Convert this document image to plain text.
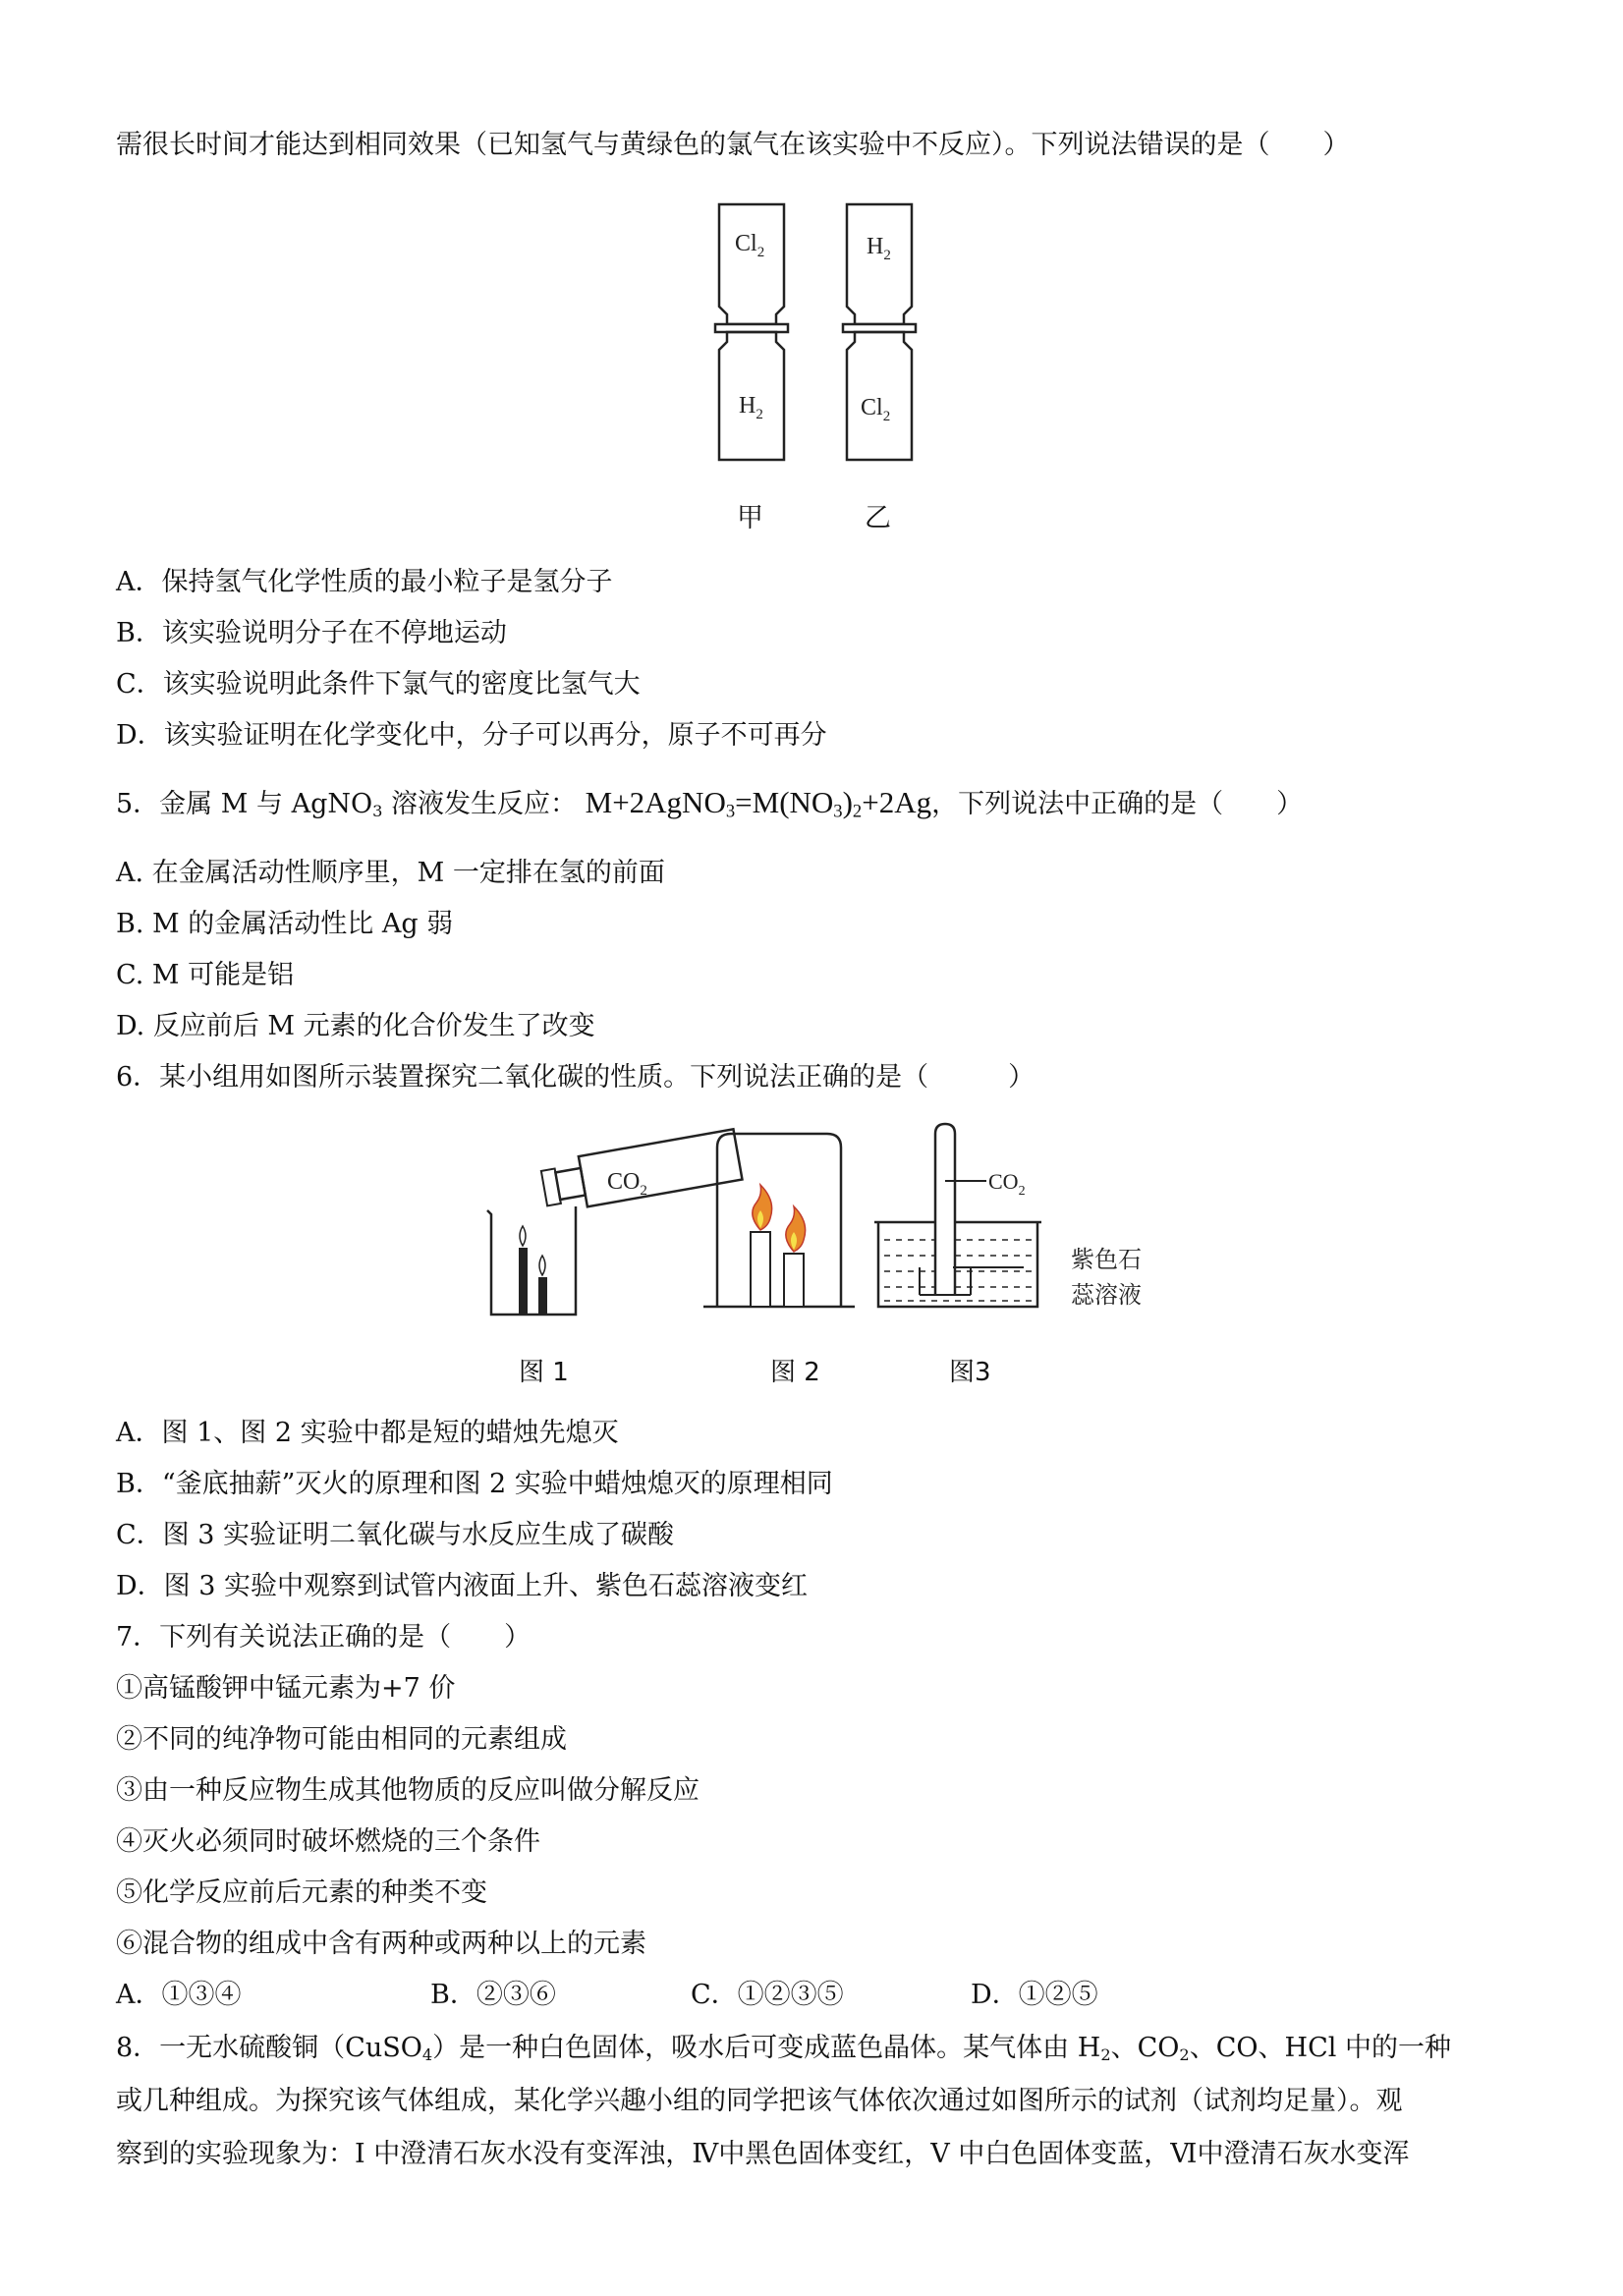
需很长时间才能达到相同效果（已知氢气与黄绿色的氯气在该实验中不反应）。下列说法错误的是（　　）
$Cl_2$
$H_2$
$H_2$
$Cl_2$
甲	乙
A．保持氢气化学性质的最小粒子是氢分子
B．该实验说明分子在不停地运动
C．该实验说明此条件下氯气的密度比氢气大
D．该实验证明在化学变化中，分子可以再分，原子不可再分
5．金属 M 与 AgNO$_3$ 溶液发生反应： $M+2AgNO_3=M(NO_3)_2+2Ag$，下列说法中正确的是（　　）
A. 在金属活动性顺序里，M 一定排在氢的前面
B. M 的金属活动性比 Ag 弱
C. M 可能是铝
D. 反应前后 M 元素的化合价发生了改变
6．某小组用如图所示装置探究二氧化碳的性质。下列说法正确的是（　　　）
$CO_2$	$CO_2$
紫色石
蕊溶液
图 1	图 2	图3
A．图 1、图 2 实验中都是短的蜡烛先熄灭
B．“釜底抽薪”灭火的原理和图 2 实验中蜡烛熄灭的原理相同
C．图 3 实验证明二氧化碳与水反应生成了碳酸
D．图 3 实验中观察到试管内液面上升、紫色石蕊溶液变红
7．下列有关说法正确的是（　　）
①高锰酸钾中锰元素为+7 价
②不同的纯净物可能由相同的元素组成
③由一种反应物生成其他物质的反应叫做分解反应
④灭火必须同时破坏燃烧的三个条件
⑤化学反应前后元素的种类不变
⑥混合物的组成中含有两种或两种以上的元素
A．①③④	B．②③⑥	C．①②③⑤	D．①②⑤
8．一无水硫酸铜（CuSO$_4$）是一种白色固体，吸水后可变成蓝色晶体。某气体由 $H_2$、$CO_2$、CO、HCl 中的一种
或几种组成。为探究该气体组成，某化学兴趣小组的同学把该气体依次通过如图所示的试剂（试剂均足量）。观
察到的实验现象为：I 中澄清石灰水没有变浑浊，Ⅳ中黑色固体变红，V 中白色固体变蓝，Ⅵ中澄清石灰水变浑
